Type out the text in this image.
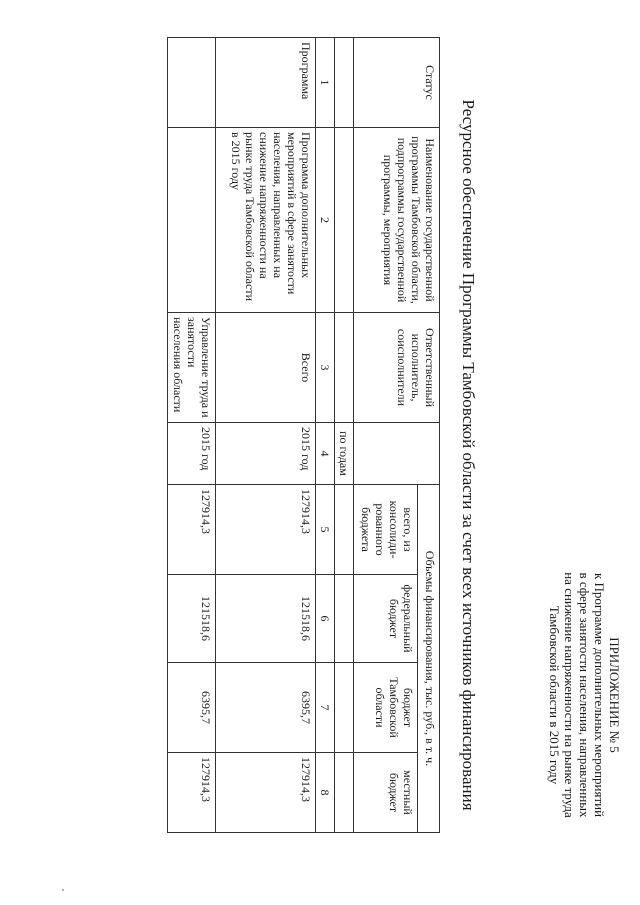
ПРИЛОЖЕНИЕ № 5
к Программе дополнительных мероприятий
в сфере занятости населения, направленных
на снижение напряженности на рынке труда
Тамбовской области в 2015 году
Ресурсное обеспечение Программы Тамбовской области за счет всех источников финансирования
Статус	Наименование государственной программы Тамбовской области, подпрограммы государственной программы, мероприятия	Ответственный исполнитель, соисполнители		Объемы финансирования, тыс. руб., в т. ч.			
				всего, из консолиди-рованного бюджета	федеральный бюджет	бюджет Тамбовской области	местный бюджет
			по годам				
1	2	3	4	5	6	7	8
Программа	Программа дополнительных мероприятий в сфере занятости населения, направленных на снижение напряженности на рынке труда Тамбовской области в 2015 году	Всего	2015 год	127914,3	121518,6	6395,7	127914,3
		Управление труда и занятости населения области	2015 год	127914,3	121518,6	6395,7	127914,3
